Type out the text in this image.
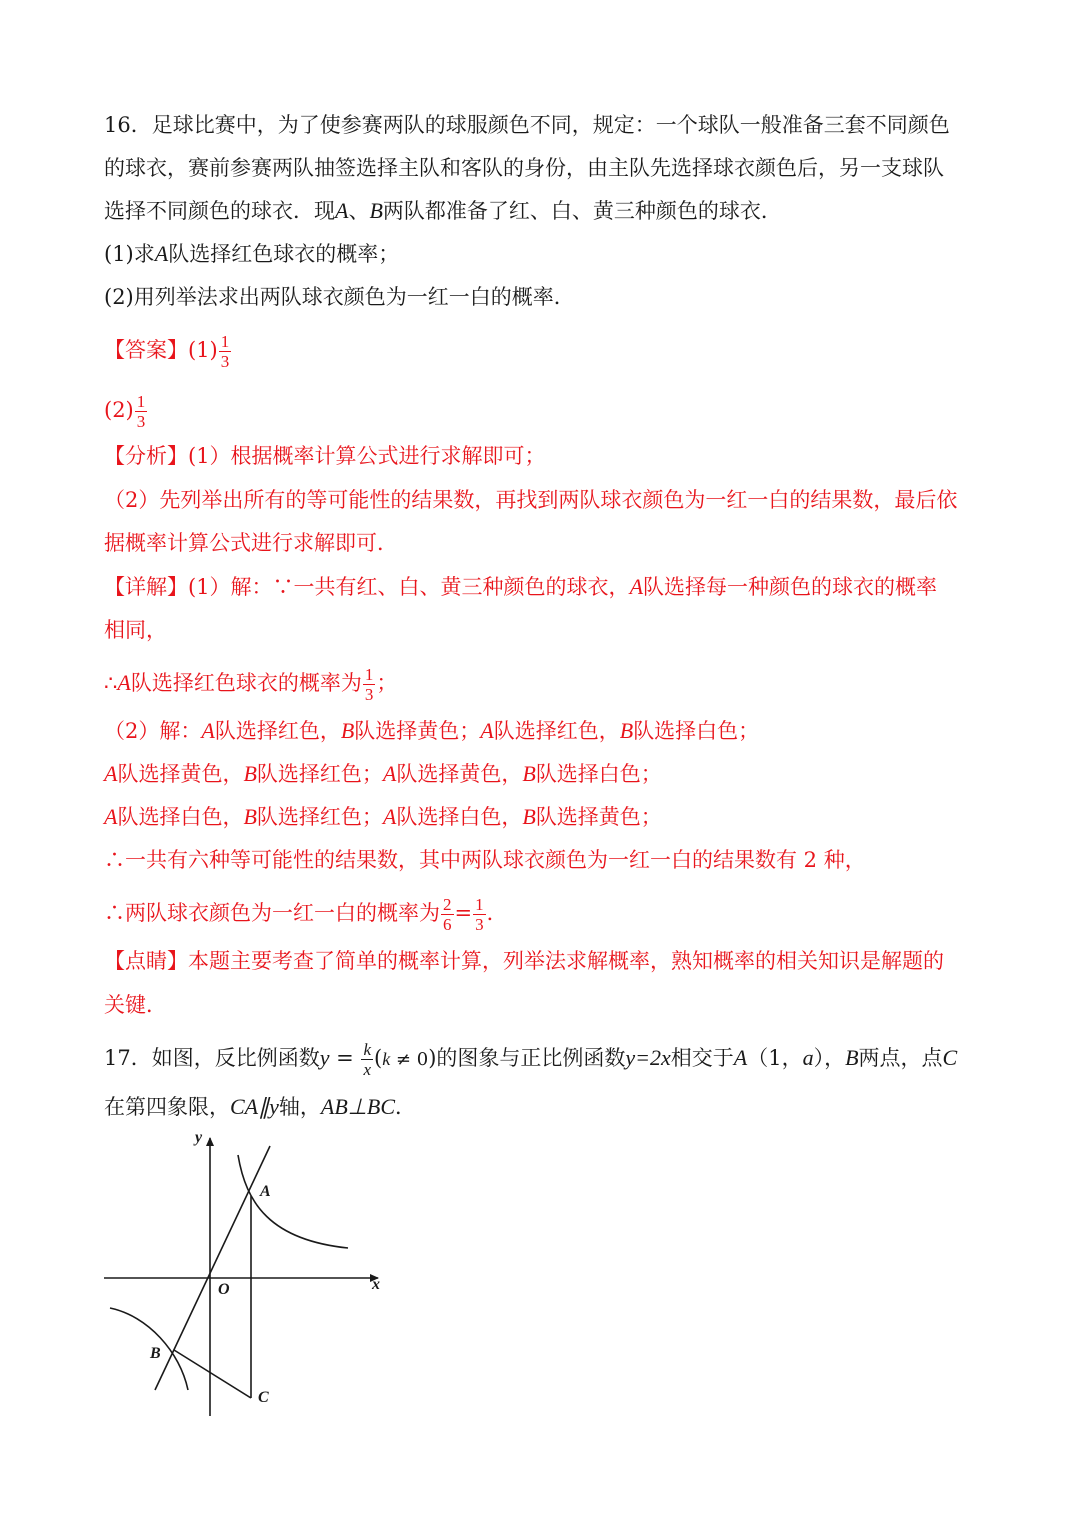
16．足球比赛中，为了使参赛两队的球服颜色不同，规定：一个球队一般准备三套不同颜色
的球衣，赛前参赛两队抽签选择主队和客队的身份，由主队先选择球衣颜色后，另一支球队
选择不同颜色的球衣．现A、B两队都准备了红、白、黄三种颜色的球衣．
(1)求A队选择红色球衣的概率；
(2)用列举法求出两队球衣颜色为一红一白的概率．
【答案】$(1) \frac{1}{3}$
$(2) \frac{1}{3}$
【分析】(1）根据概率计算公式进行求解即可；
（2）先列举出所有的等可能性的结果数，再找到两队球衣颜色为一红一白的结果数，最后依
据概率计算公式进行求解即可．
【详解】(1）解：∵一共有红、白、黄三种颜色的球衣，A队选择每一种颜色的球衣的概率
相同，
∴A队选择红色球衣的概率为 $\frac{1}{3}$ ；
（2）解：A队选择红色，B队选择黄色；A队选择红色，B队选择白色；
A队选择黄色，B队选择红色；A队选择黄色，B队选择白色；
A队选择白色，B队选择红色；A队选择白色，B队选择黄色；
∴一共有六种等可能性的结果数，其中两队球衣颜色为一红一白的结果数有 2 种，
∴两队球衣颜色为一红一白的概率为 $\frac{2}{6} = \frac{1}{3}$ ．
【点睛】本题主要考查了简单的概率计算，列举法求解概率，熟知概率的相关知识是解题的
关键．
17．如图，反比例函数$y = \frac{k}{x} (k \ne 0)$的图象与正比例函数y=2x相交于A（1，a），B两点，点C
在第四象限，CA∥y轴，AB⊥BC．
y
x
O
A
B
C
